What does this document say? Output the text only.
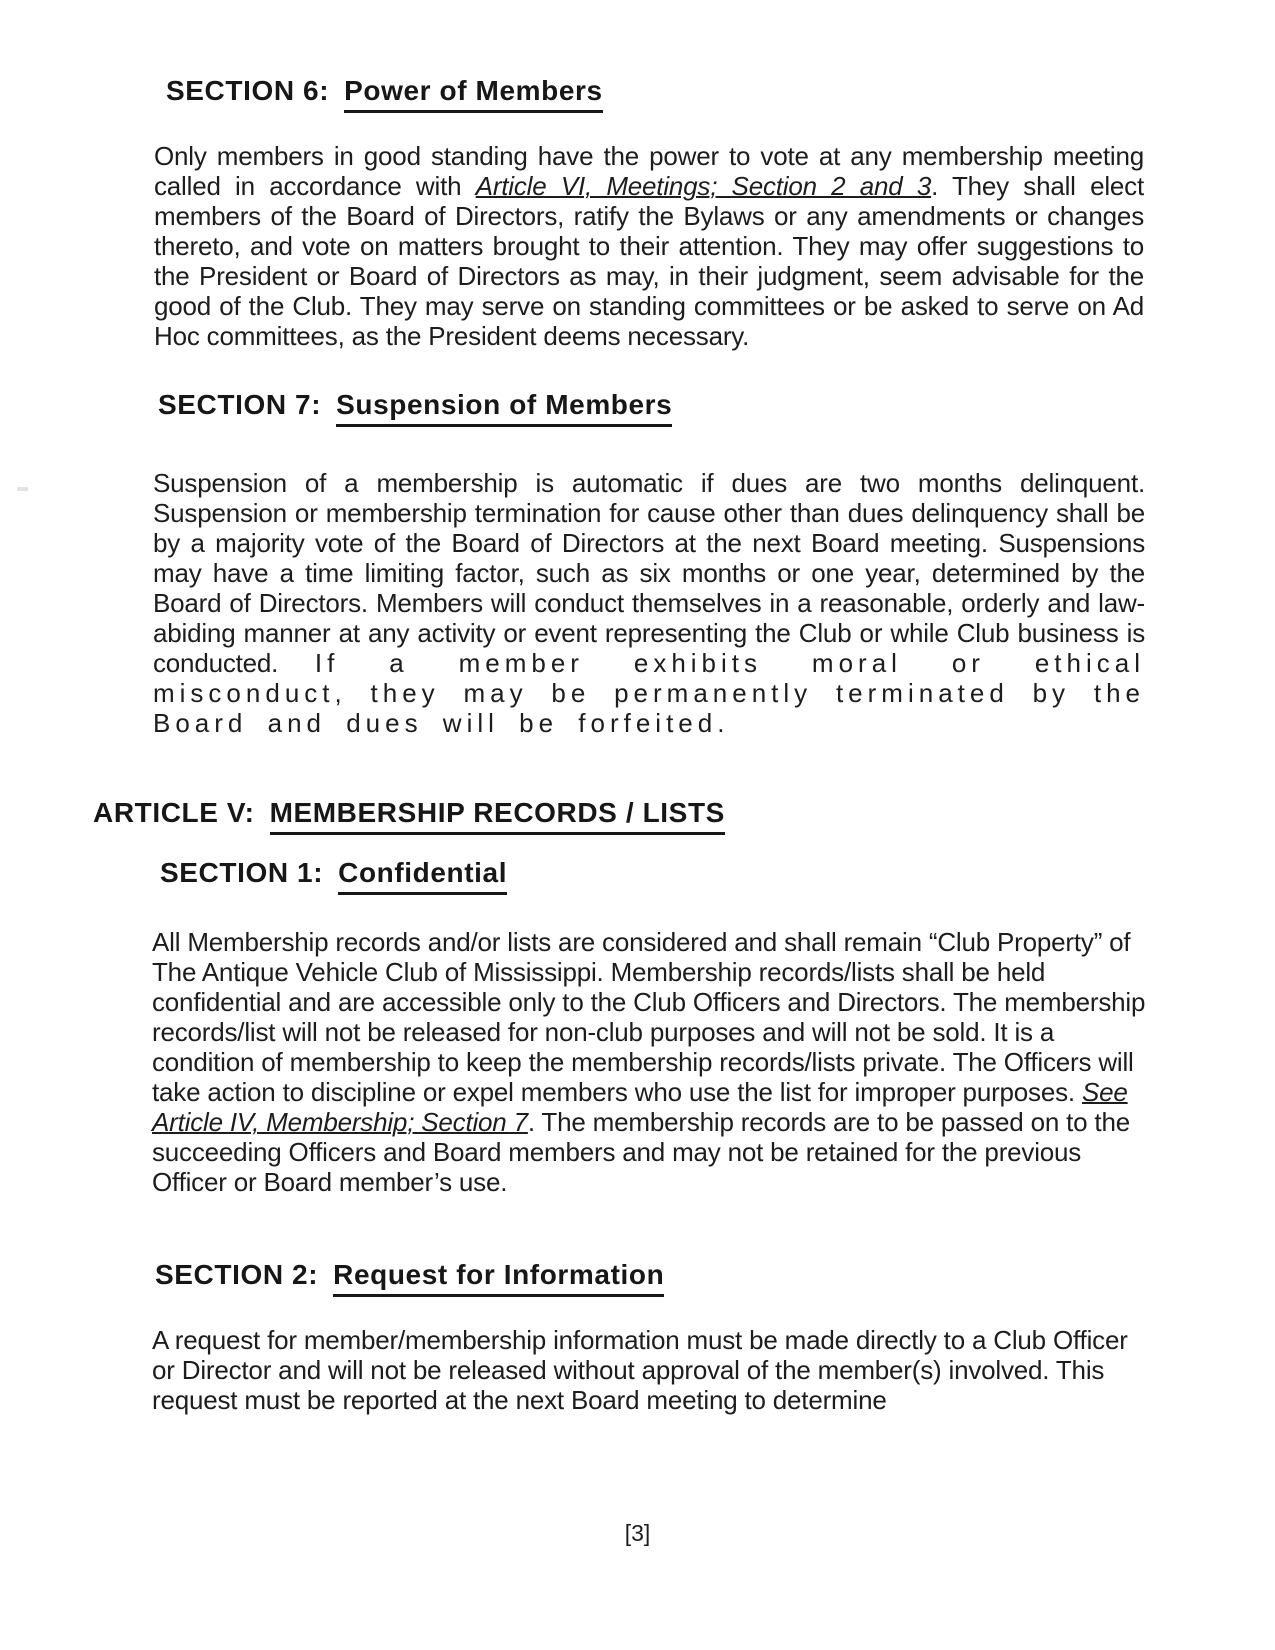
SECTION 6: Power of Members
Only members in good standing have the power to vote at any membership meeting called in accordance with Article VI, Meetings; Section 2 and 3. They shall elect members of the Board of Directors, ratify the Bylaws or any amendments or changes thereto, and vote on matters brought to their attention. They may offer suggestions to the President or Board of Directors as may, in their judgment, seem advisable for the good of the Club. They may serve on standing committees or be asked to serve on Ad Hoc committees, as the President deems necessary.
SECTION 7: Suspension of Members
Suspension of a membership is automatic if dues are two months delinquent. Suspension or membership termination for cause other than dues delinquency shall be by a majority vote of the Board of Directors at the next Board meeting. Suspensions may have a time limiting factor, such as six months or one year, determined by the Board of Directors. Members will conduct themselves in a reasonable, orderly and law-abiding manner at any activity or event representing the Club or while Club business is conducted. If a member exhibits moral or ethical misconduct, they may be permanently terminated by the Board and dues will be forfeited.
ARTICLE V: MEMBERSHIP RECORDS / LISTS
SECTION 1: Confidential
All Membership records and/or lists are considered and shall remain “Club Property” of The Antique Vehicle Club of Mississippi. Membership records/lists shall be held confidential and are accessible only to the Club Officers and Directors. The membership records/list will not be released for non-club purposes and will not be sold. It is a condition of membership to keep the membership records/lists private. The Officers will take action to discipline or expel members who use the list for improper purposes. See Article IV, Membership; Section 7. The membership records are to be passed on to the succeeding Officers and Board members and may not be retained for the previous Officer or Board member’s use.
SECTION 2: Request for Information
A request for member/membership information must be made directly to a Club Officer or Director and will not be released without approval of the member(s) involved. This request must be reported at the next Board meeting to determine
[3]
